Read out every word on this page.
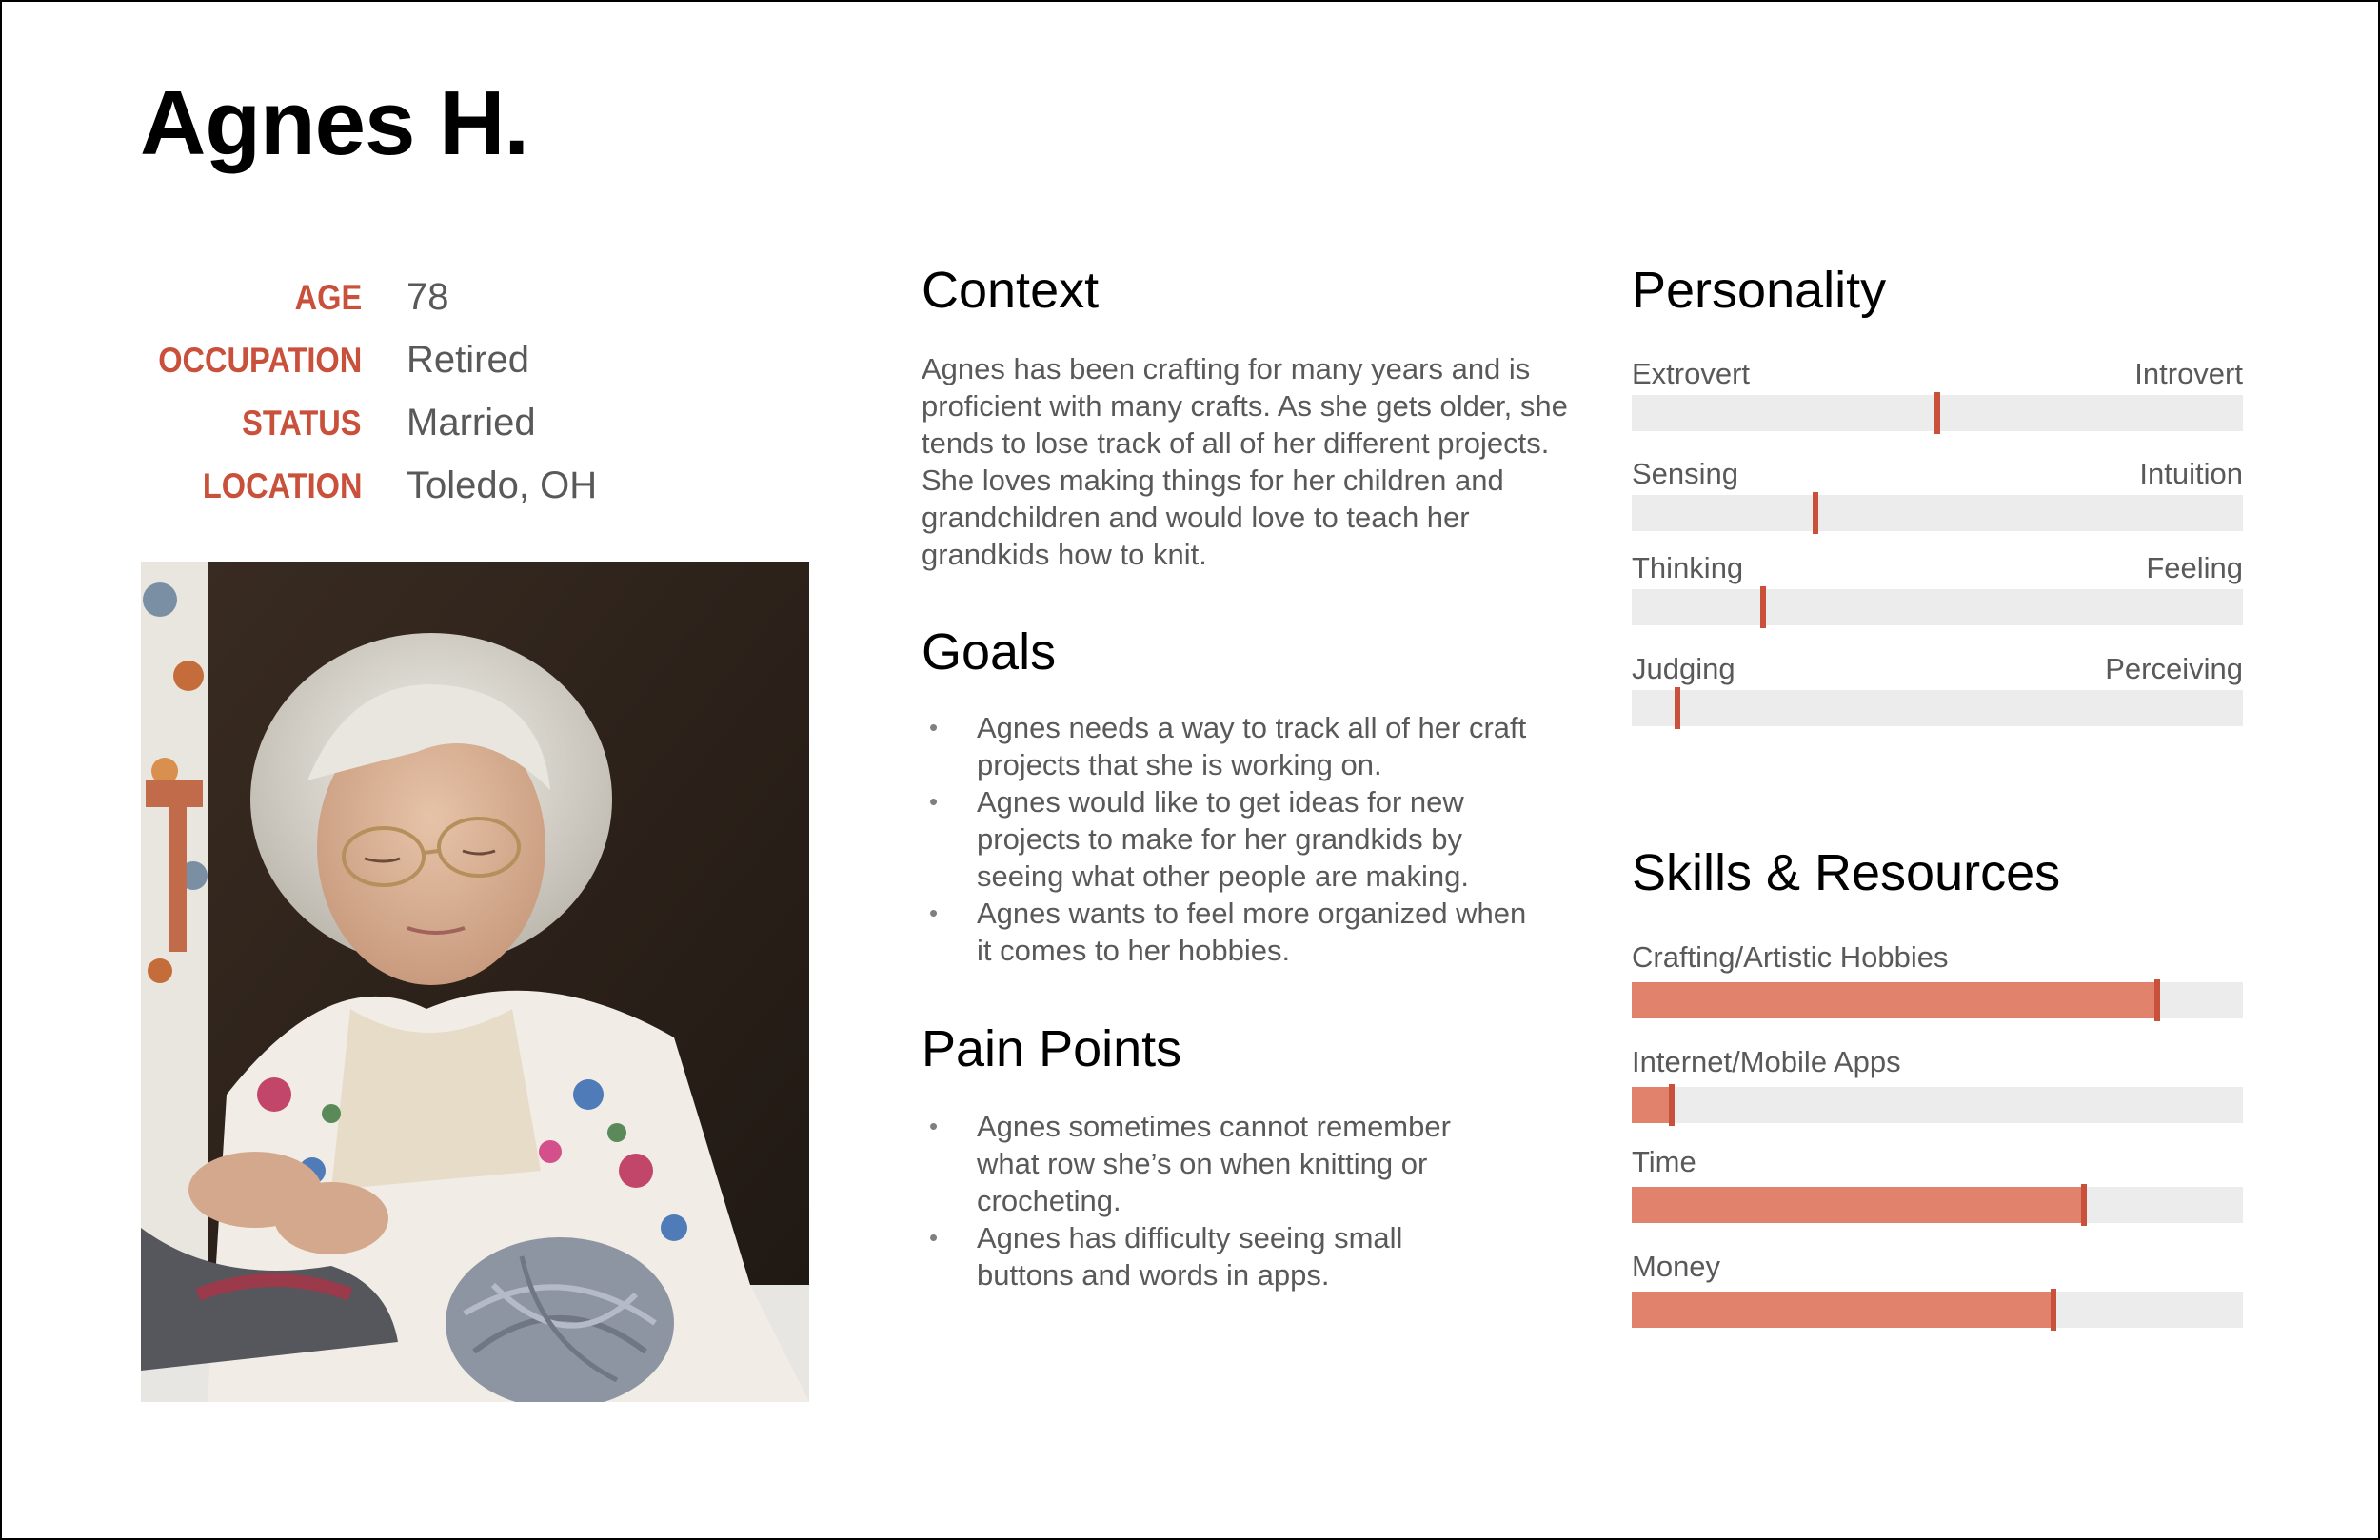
Agnes H.
AGE 78
OCCUPATION Retired
STATUS Married
LOCATION Toledo, OH
Context
Agnes has been crafting for many years and is proficient with many crafts. As she gets older, she tends to lose track of all of her different projects. She loves making things for her children and grandchildren and would love to teach her grandkids how to knit.
Goals
• Agnes needs a way to track all of her craft projects that she is working on.
• Agnes would like to get ideas for new projects to make for her grandkids by seeing what other people are making.
• Agnes wants to feel more organized when it comes to her hobbies.
Pain Points
• Agnes sometimes cannot remember what row she’s on when knitting or crocheting.
• Agnes has difficulty seeing small buttons and words in apps.
Personality
Extrovert	Introvert
Sensing	Intuition
Thinking	Feeling
Judging	Perceiving
Skills & Resources
Crafting/Artistic Hobbies
Internet/Mobile Apps
Time
Money
